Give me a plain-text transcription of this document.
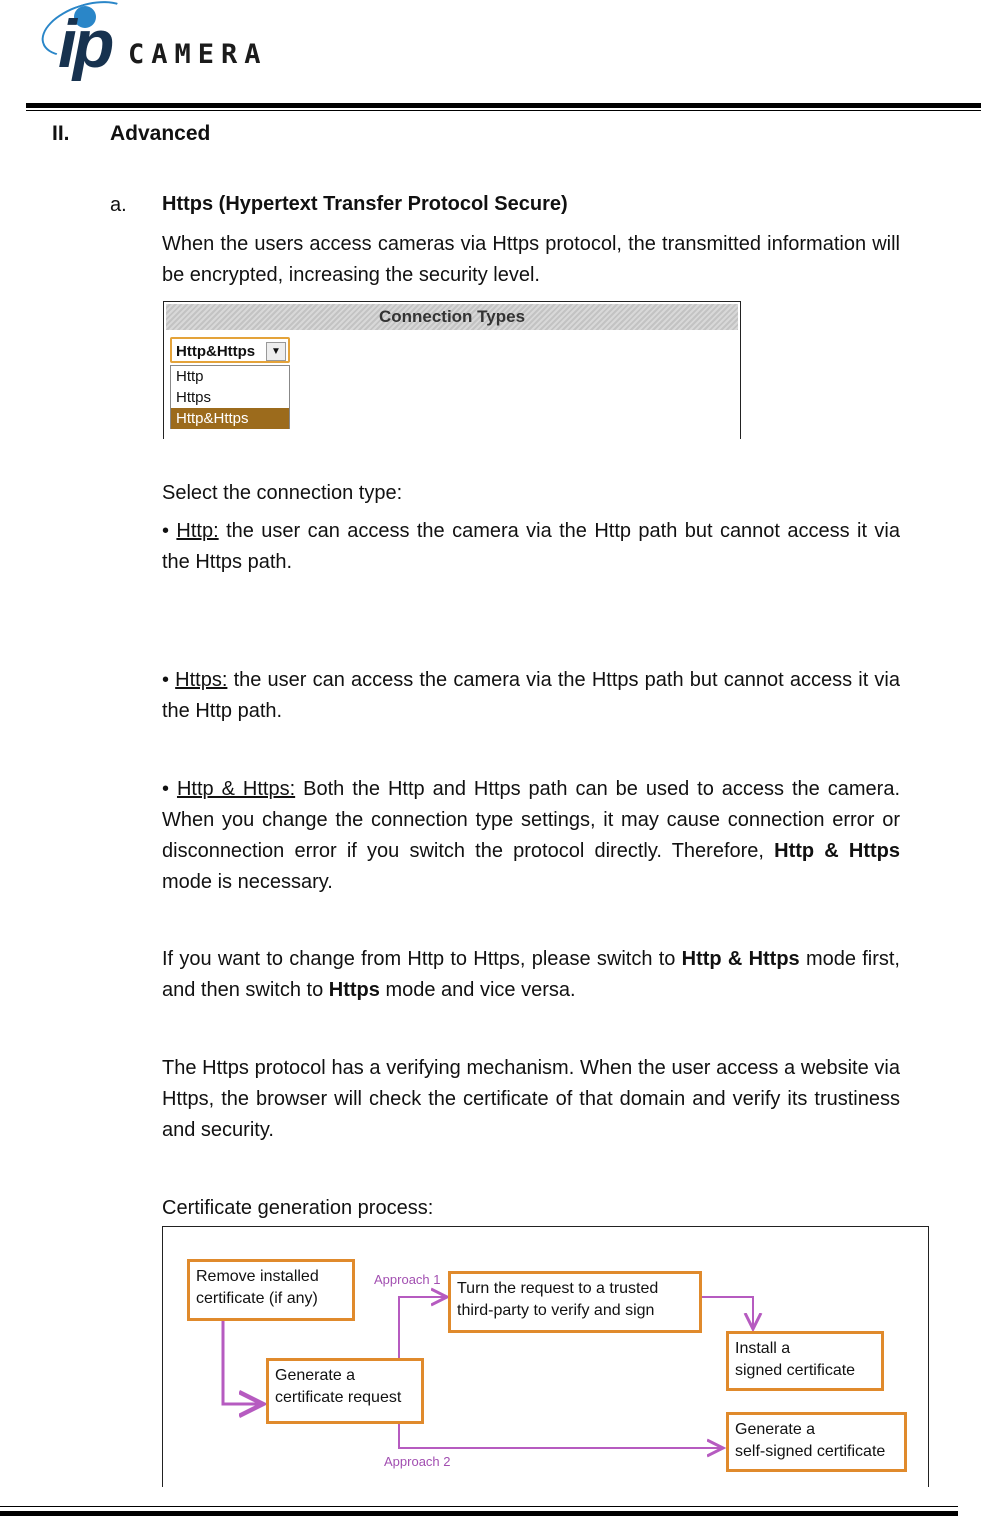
ip CAMERA
II. Advanced
a. Https (Hypertext Transfer Protocol Secure)
When the users access cameras via Https protocol, the transmitted information will be encrypted, increasing the security level.
Connection Types
Http&Https	▼
Http
Https
Http&Https
Select the connection type:
• Http: the user can access the camera via the Http path but cannot access it via the Https path.
• Https: the user can access the camera via the Https path but cannot access it via the Http path.
• Http & Https: Both the Http and Https path can be used to access the camera. When you change the connection type settings, it may cause connection error or disconnection error if you switch the protocol directly. Therefore, Http & Https mode is necessary.
If you want to change from Http to Https, please switch to Http & Https mode first, and then switch to Https mode and vice versa.
The Https protocol has a verifying mechanism. When the user access a website via Https, the browser will check the certificate of that domain and verify its trustiness and security.
Certificate generation process:
Remove installed
certificate (if any)
Generate a
certificate request
Turn the request to a trusted
third-party to verify and sign
Install a
signed certificate
Generate a
self-signed certificate
Approach 1
Approach 2
